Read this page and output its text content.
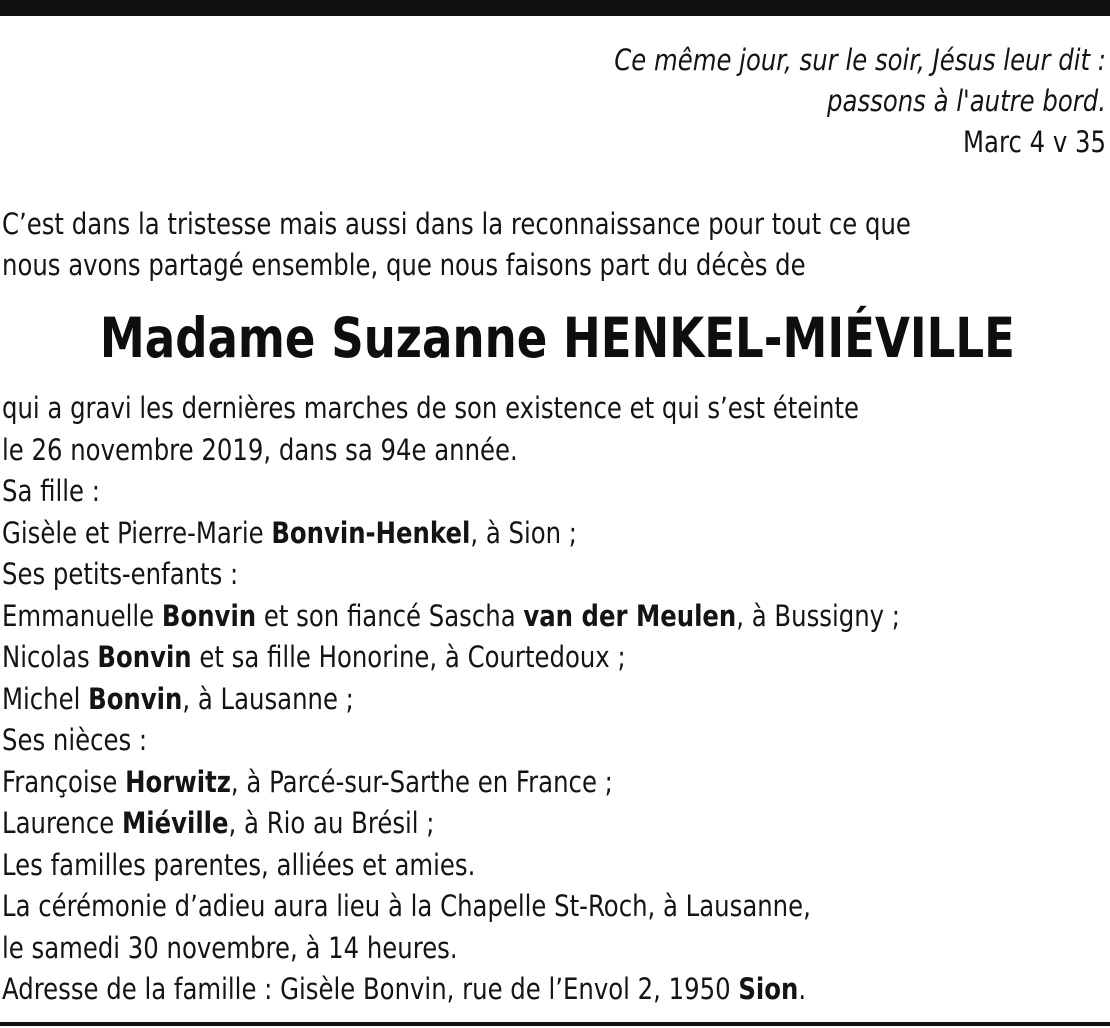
Ce même jour, sur le soir, Jésus leur dit :
passons à l'autre bord.
Marc 4 v 35
C’est dans la tristesse mais aussi dans la reconnaissance pour tout ce que
nous avons partagé ensemble, que nous faisons part du décès de
Madame Suzanne HENKEL-MIÉVILLE
qui a gravi les dernières marches de son existence et qui s’est éteinte
le 26 novembre 2019, dans sa 94e année.
Sa fille :
Gisèle et Pierre-Marie Bonvin-Henkel, à Sion ;
Ses petits-enfants :
Emmanuelle Bonvin et son fiancé Sascha van der Meulen, à Bussigny ;
Nicolas Bonvin et sa fille Honorine, à Courtedoux ;
Michel Bonvin, à Lausanne ;
Ses nièces :
Françoise Horwitz, à Parcé-sur-Sarthe en France ;
Laurence Miéville, à Rio au Brésil ;
Les familles parentes, alliées et amies.
La cérémonie d’adieu aura lieu à la Chapelle St-Roch, à Lausanne,
le samedi 30 novembre, à 14 heures.
Adresse de la famille : Gisèle Bonvin, rue de l’Envol 2, 1950 Sion.
